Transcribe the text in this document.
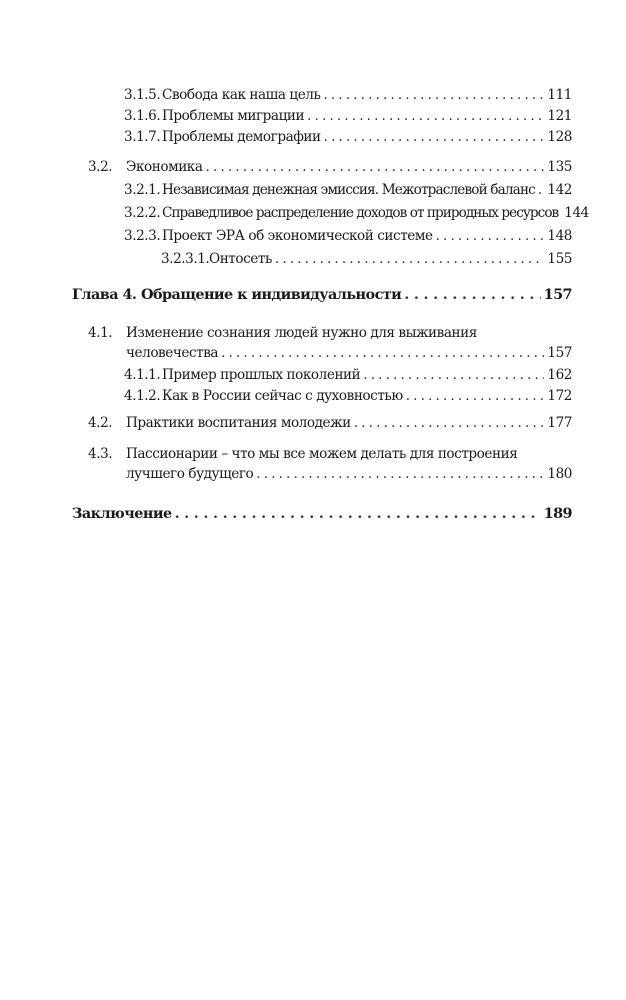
3.1.5. Свобода как наша цель . . .	111
3.1.6. Проблемы миграции . . .	121
3.1.7. Проблемы демографии . . .	128
3.2.	Экономика . . .	135
3.2.1. Независимая денежная эмиссия. Межотраслевой баланс . . . 142
3.2.2. Справедливое распределение доходов от природных ресурсов 144
3.2.3. Проект ЭРА об экономической системе . . .	148
3.2.3.1. Онтосеть . . .	155
Глава 4. Обращение к индивидуальности . . .	157
4.1. Изменение сознания людей нужно для выживания
человечества . . .	157
4.1.1. Пример прошлых поколений . . .	162
4.1.2. Как в России сейчас с духовностью . . .	172
4.2.	Практики воспитания молодежи . . .	177
4.3. Пассионарии – что мы все можем делать для построения
лучшего будущего . . .	180
Заключение . . .	189
